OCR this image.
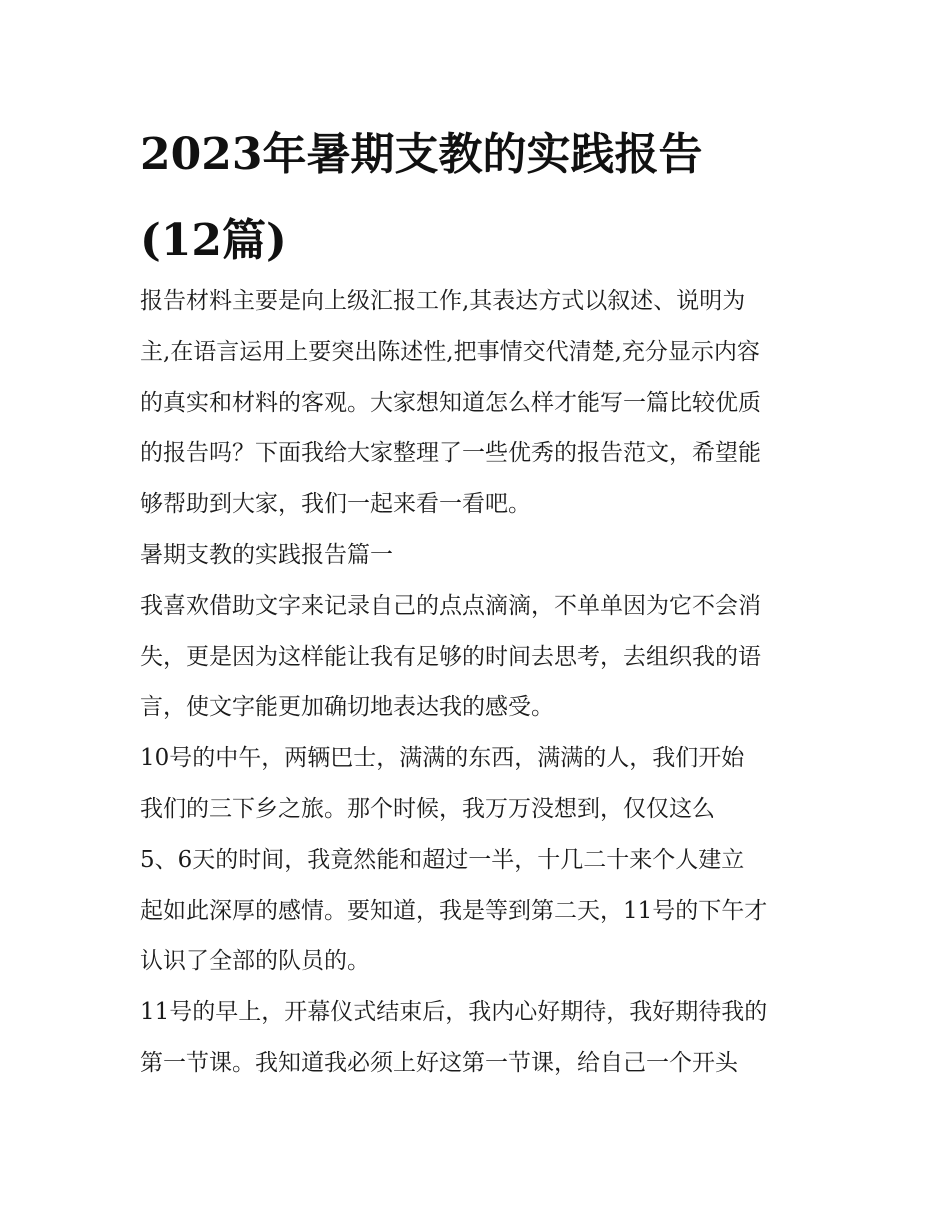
2023年暑期支教的实践报告
(12篇)
报告材料主要是向上级汇报工作,其表达方式以叙述、说明为
主,在语言运用上要突出陈述性,把事情交代清楚,充分显示内容
的真实和材料的客观。大家想知道怎么样才能写一篇比较优质
的报告吗？下面我给大家整理了一些优秀的报告范文，希望能
够帮助到大家，我们一起来看一看吧。
暑期支教的实践报告篇一
我喜欢借助文字来记录自己的点点滴滴，不单单因为它不会消
失，更是因为这样能让我有足够的时间去思考，去组织我的语
言，使文字能更加确切地表达我的感受。
10号的中午，两辆巴士，满满的东西，满满的人，我们开始
我们的三下乡之旅。那个时候，我万万没想到，仅仅这么
5、6天的时间，我竟然能和超过一半，十几二十来个人建立
起如此深厚的感情。要知道，我是等到第二天，11号的下午才
认识了全部的队员的。
11号的早上，开幕仪式结束后，我内心好期待，我好期待我的
第一节课。我知道我必须上好这第一节课，给自己一个开头
